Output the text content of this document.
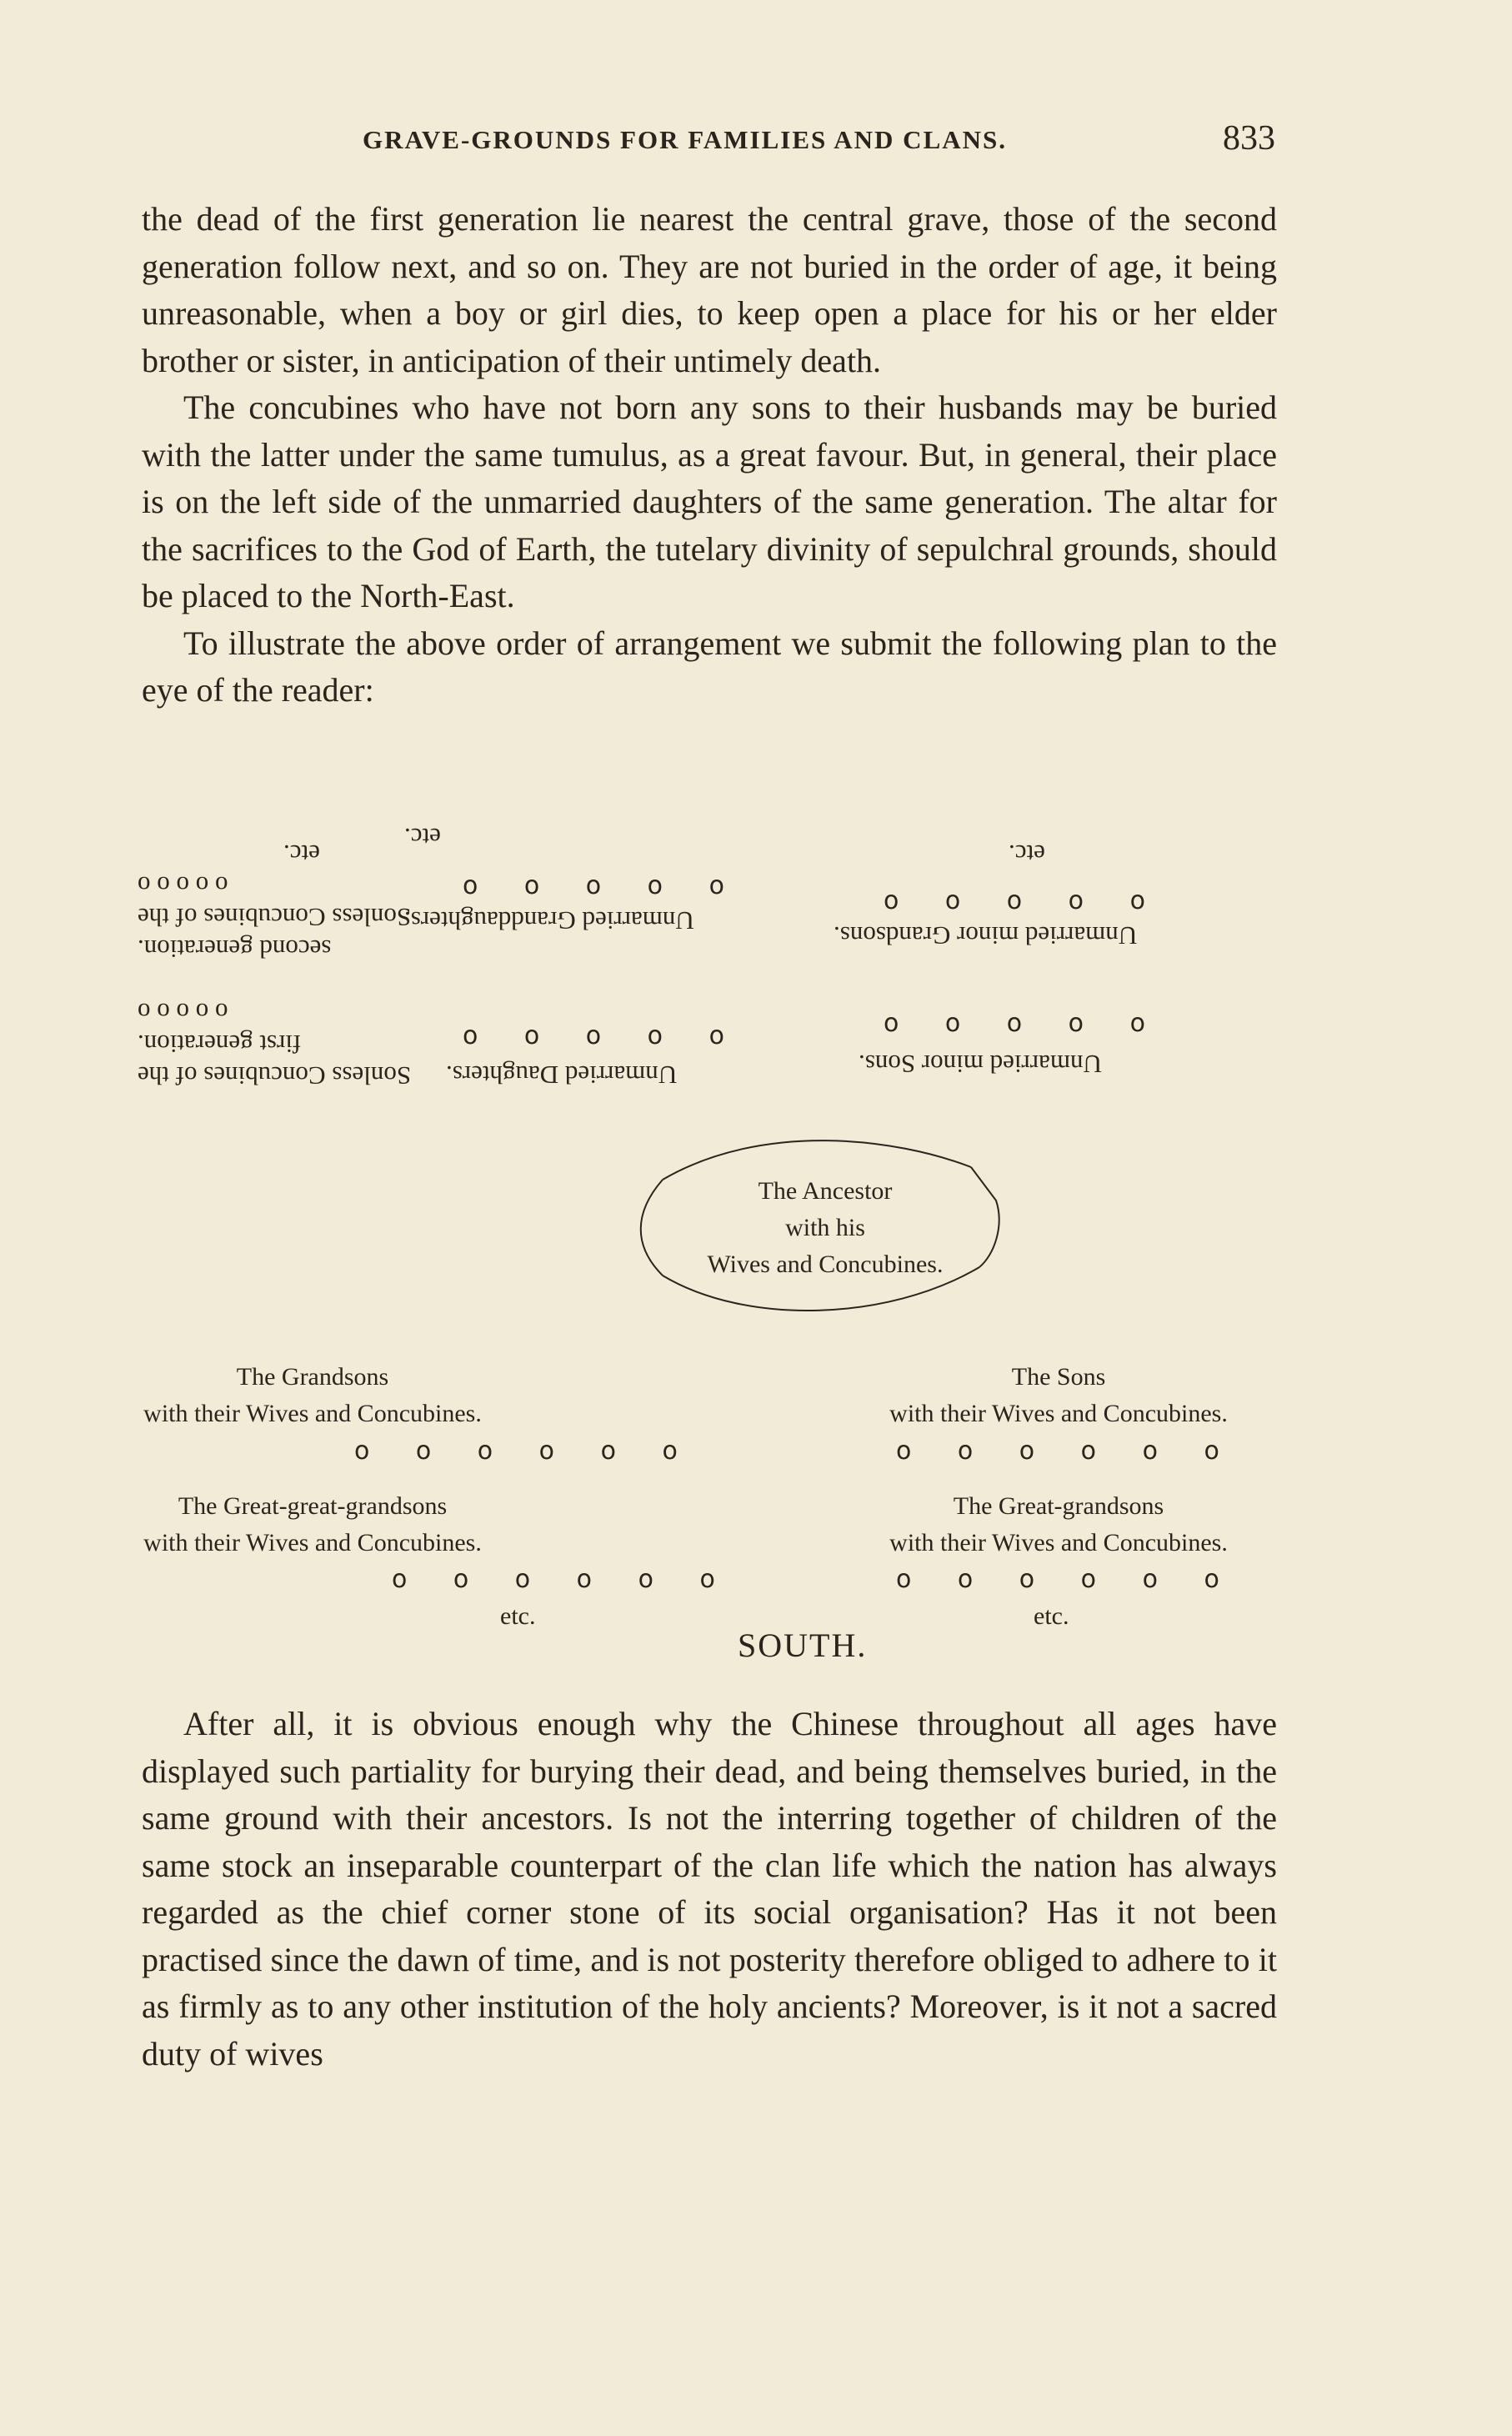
GRAVE-GROUNDS FOR FAMILIES AND CLANS.	833

the dead of the first generation lie nearest the central grave, those of the second generation follow next, and so on. They are not buried in the order of age, it being unreasonable, when a boy or girl dies, to keep open a place for his or her elder brother or sister, in anticipation of their untimely death.

The concubines who have not born any sons to their husbands may be buried with the latter under the same tumulus, as a great favour. But, in general, their place is on the left side of the unmarried daughters of the same generation. The altar for the sacrifices to the God of Earth, the tutelary divinity of sepulchral grounds, should be placed to the North-East.

To illustrate the above order of arrangement we submit the following plan to the eye of the reader:

second generation.
Sonless Concubines of the
o o o o o
etc.
o o o o o
etc.
Unmarried Granddaughters.
etc.
o o o o o
Unmarried minor Grandsons.
Sonless Concubines of the
first generation.
o o o o o
o o o o o
Unmarried Daughters.
o o o o o
Unmarried minor Sons.
The Ancestor
with his
Wives and Concubines.
The Grandsons
with their Wives and Concubines.
o o o o o o
The Great-great-grandsons
with their Wives and Concubines.
o o o o o o
etc.
The Sons
with their Wives and Concubines.
o o o o o o
The Great-grandsons
with their Wives and Concubines.
o o o o o o
etc.
SOUTH.

After all, it is obvious enough why the Chinese throughout all ages have displayed such partiality for burying their dead, and being themselves buried, in the same ground with their ancestors. Is not the interring together of children of the same stock an inseparable counterpart of the clan life which the nation has always regarded as the chief corner stone of its social organisation? Has it not been practised since the dawn of time, and is not posterity therefore obliged to adhere to it as firmly as to any other institution of the holy ancients? Moreover, is it not a sacred duty of wives
